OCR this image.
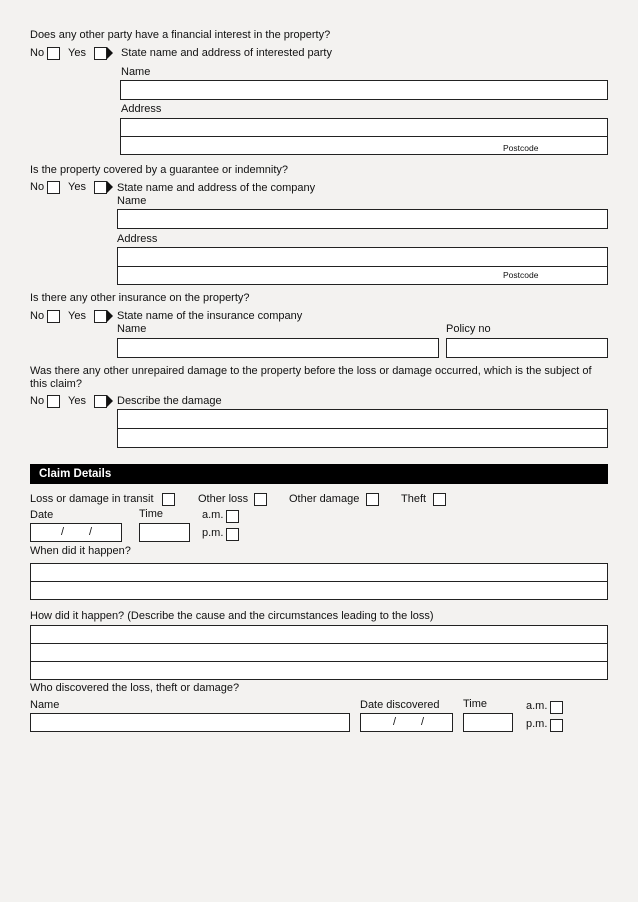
Does any other party have a financial interest in the property?
No Yes	State name and address of interested party
Name
Address
Postcode
Is the property covered by a guarantee or indemnity?
No Yes	State name and address of the company
Name
Address
Postcode
Is there any other insurance on the property?
No Yes	State name of the insurance company
Name	Policy no
Was there any other unrepaired damage to the property before the loss or damage occurred, which is the subject of this claim?
No Yes	Describe the damage
Claim Details
Loss or damage in transit	Other loss	Other damage	Theft
Date	Time	a.m.
/ /	p.m.
When did it happen?
How did it happen? (Describe the cause and the circumstances leading to the loss)
Who discovered the loss, theft or damage?
Name	Date discovered Time	a.m.
/ /	p.m.
